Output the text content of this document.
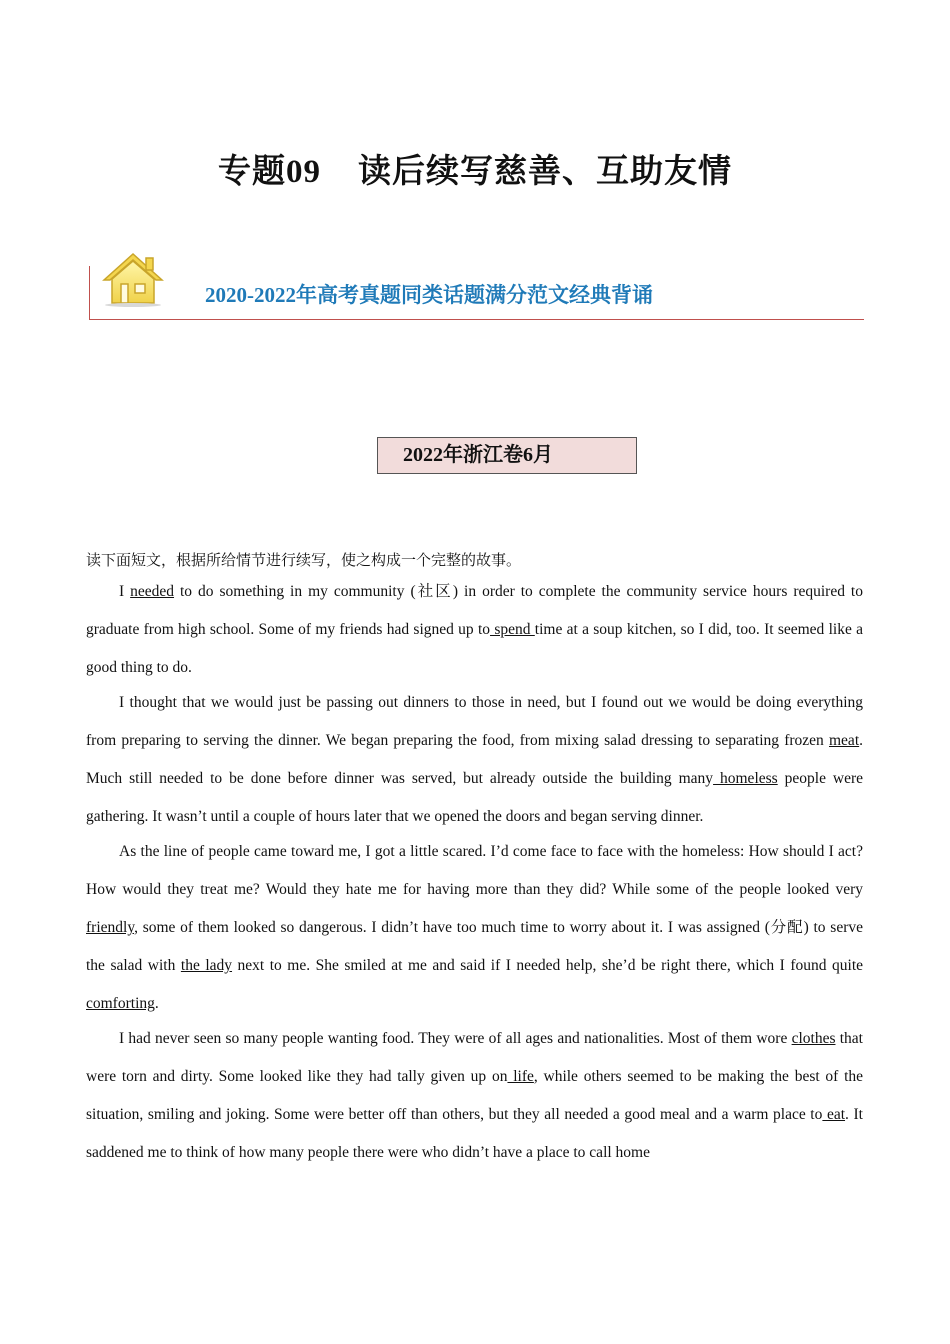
专题09    读后续写慈善、互助友情
2020-2022年高考真题同类话题满分范文经典背诵
2022年浙江卷6月
读下面短文，根据所给情节进行续写，使之构成一个完整的故事。

I needed to do something in my community (社区) in order to complete the community service hours required to graduate from high school. Some of my friends had signed up to spend time at a soup kitchen, so I did, too. It seemed like a good thing to do.

I thought that we would just be passing out dinners to those in need, but I found out we would be doing everything from preparing to serving the dinner. We began preparing the food, from mixing salad dressing to separating frozen meat. Much still needed to be done before dinner was served, but already outside the building many homeless people were gathering. It wasn’t until a couple of hours later that we opened the doors and began serving dinner.

As the line of people came toward me, I got a little scared. I’d come face to face with the homeless: How should I act? How would they treat me? Would they hate me for having more than they did? While some of the people looked very friendly, some of them looked so dangerous. I didn’t have too much time to worry about it. I was assigned (分配) to serve the salad with the lady next to me. She smiled at me and said if I needed help, she’d be right there, which I found quite comforting.

I had never seen so many people wanting food. They were of all ages and nationalities. Most of them wore clothes that were torn and dirty. Some looked like they had tally given up on life, while others seemed to be making the best of the situation, smiling and joking. Some were better off than others, but they all needed a good meal and a warm place to eat. It saddened me to think of how many people there were who didn’t have a place to call home
